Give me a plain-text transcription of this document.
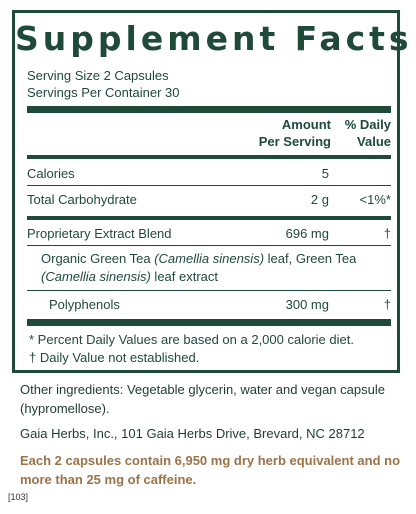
Supplement Facts
Serving Size 2 Capsules
Servings Per Container 30
Amount
Per Serving
% Daily
Value
Calories	5
Total Carbohydrate	2 g	<1%*
Proprietary Extract Blend	696 mg	†
Organic Green Tea (Camellia sinensis) leaf, Green Tea
(Camellia sinensis) leaf extract
Polyphenols	300 mg	†
* Percent Daily Values are based on a 2,000 calorie diet.
† Daily Value not established.
Other ingredients: Vegetable glycerin, water and vegan capsule (hypromellose).
Gaia Herbs, Inc., 101 Gaia Herbs Drive, Brevard, NC 28712
Each 2 capsules contain 6,950 mg dry herb equivalent and no more than 25 mg of caffeine.
[103]
